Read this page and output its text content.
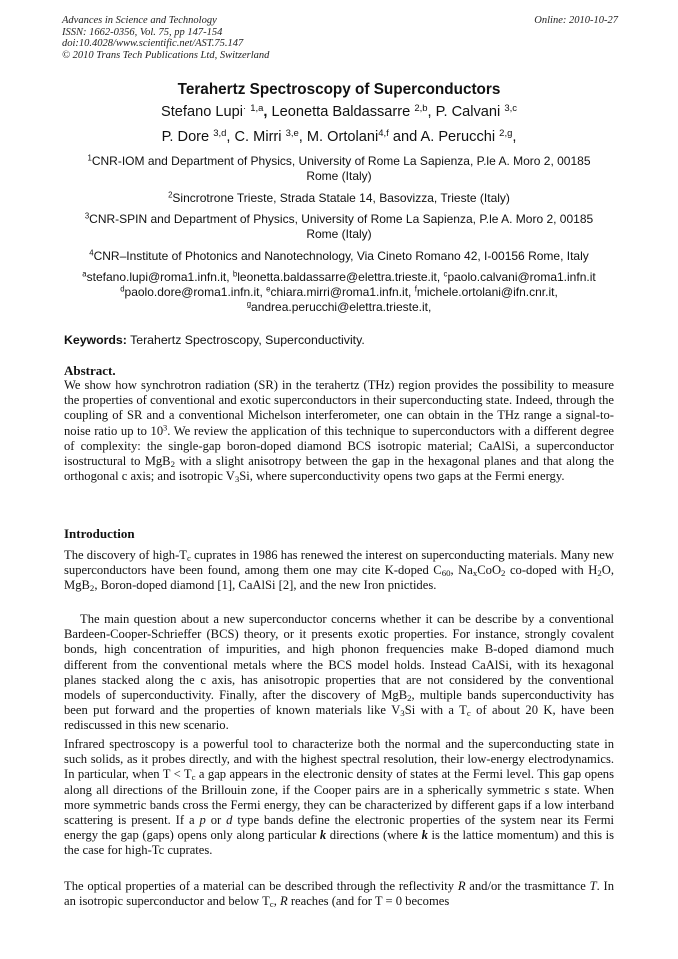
Advances in Science and Technology
ISSN: 1662-0356, Vol. 75, pp 147-154
doi:10.4028/www.scientific.net/AST.75.147
© 2010 Trans Tech Publications Ltd, Switzerland
Online: 2010-10-27
Terahertz Spectroscopy of Superconductors
Stefano Lupi· $^{1,a}$, Leonetta Baldassarre $^{2,b}$, P. Calvani $^{3,c}$
P. Dore $^{3,d}$, C. Mirri $^{3,e}$, M. Ortolani$^{4,f}$ and A. Perucchi $^{2,g}$,
$^1$CNR-IOM and Department of Physics, University of Rome La Sapienza, P.le A. Moro 2, 00185
Rome (Italy)
$^2$Sincrotrone Trieste, Strada Statale 14, Basovizza, Trieste (Italy)
$^3$CNR-SPIN and Department of Physics, University of Rome La Sapienza, P.le A. Moro 2, 00185
Rome (Italy)
$^4$CNR–Institute of Photonics and Nanotechnology, Via Cineto Romano 42, I-00156 Rome, Italy
$^a$stefano.lupi@roma1.infn.it, $^b$leonetta.baldassarre@elettra.trieste.it, $^c$paolo.calvani@roma1.infn.it
$^d$paolo.dore@roma1.infn.it, $^e$chiara.mirri@roma1.infn.it, $^f$michele.ortolani@ifn.cnr.it,
$^g$andrea.perucchi@elettra.trieste.it,
Keywords: Terahertz Spectroscopy, Superconductivity.
Abstract.

We show how synchrotron radiation (SR) in the terahertz (THz) region provides the possibility to measure the properties of conventional and exotic superconductors in their superconducting state. Indeed, through the coupling of SR and a conventional Michelson interferometer, one can obtain in the THz range a signal-to-noise ratio up to $10^3$. We review the application of this technique to superconductors with a different degree of complexity: the single-gap boron-doped diamond BCS isotropic material; CaAlSi, a superconductor isostructural to MgB$_2$ with a slight anisotropy between the gap in the hexagonal planes and that along the orthogonal c axis; and isotropic $V_3Si$, where superconductivity opens two gaps at the Fermi energy.

Introduction

The discovery of high-$T_c$ cuprates in 1986 has renewed the interest on superconducting materials. Many new superconductors have been found, among them one may cite K-doped $C_{60}$, $Na_xCoO_2$ co-doped with $H_2O$, MgB$_2$, Boron-doped diamond [1], CaAlSi [2], and the new Iron pnictides.

The main question about a new superconductor concerns whether it can be describe by a conventional Bardeen-Cooper-Schrieffer (BCS) theory, or it presents exotic properties. For instance, strongly covalent bonds, high concentration of impurities, and high phonon frequencies make B-doped diamond much different from the conventional metals where the BCS model holds. Instead CaAlSi, with its hexagonal planes stacked along the c axis, has anisotropic properties that are not considered by the conventional models of superconductivity. Finally, after the discovery of MgB$_2$, multiple bands superconductivity has been put forward and the properties of known materials like $V_3Si$ with a $T_c$ of about 20 K, have been rediscussed in this new scenario.

Infrared spectroscopy is a powerful tool to characterize both the normal and the superconducting state in such solids, as it probes directly, and with the highest spectral resolution, their low-energy electrodynamics. In particular, when $T < T_c$ a gap appears in the electronic density of states at the Fermi level. This gap opens along all directions of the Brillouin zone, if the Cooper pairs are in a spherically symmetric s state. When more symmetric bands cross the Fermi energy, they can be characterized by different gaps if a low interband scattering is present. If a p or d type bands define the electronic properties of the system near its Fermi energy the gap (gaps) opens only along particular k directions (where k is the lattice momentum) and this is the case for high-Tc cuprates.

The optical properties of a material can be described through the reflectivity R and/or the trasmittance T. In an isotropic superconductor and below $T_c$, R reaches (and for T = 0 becomes
